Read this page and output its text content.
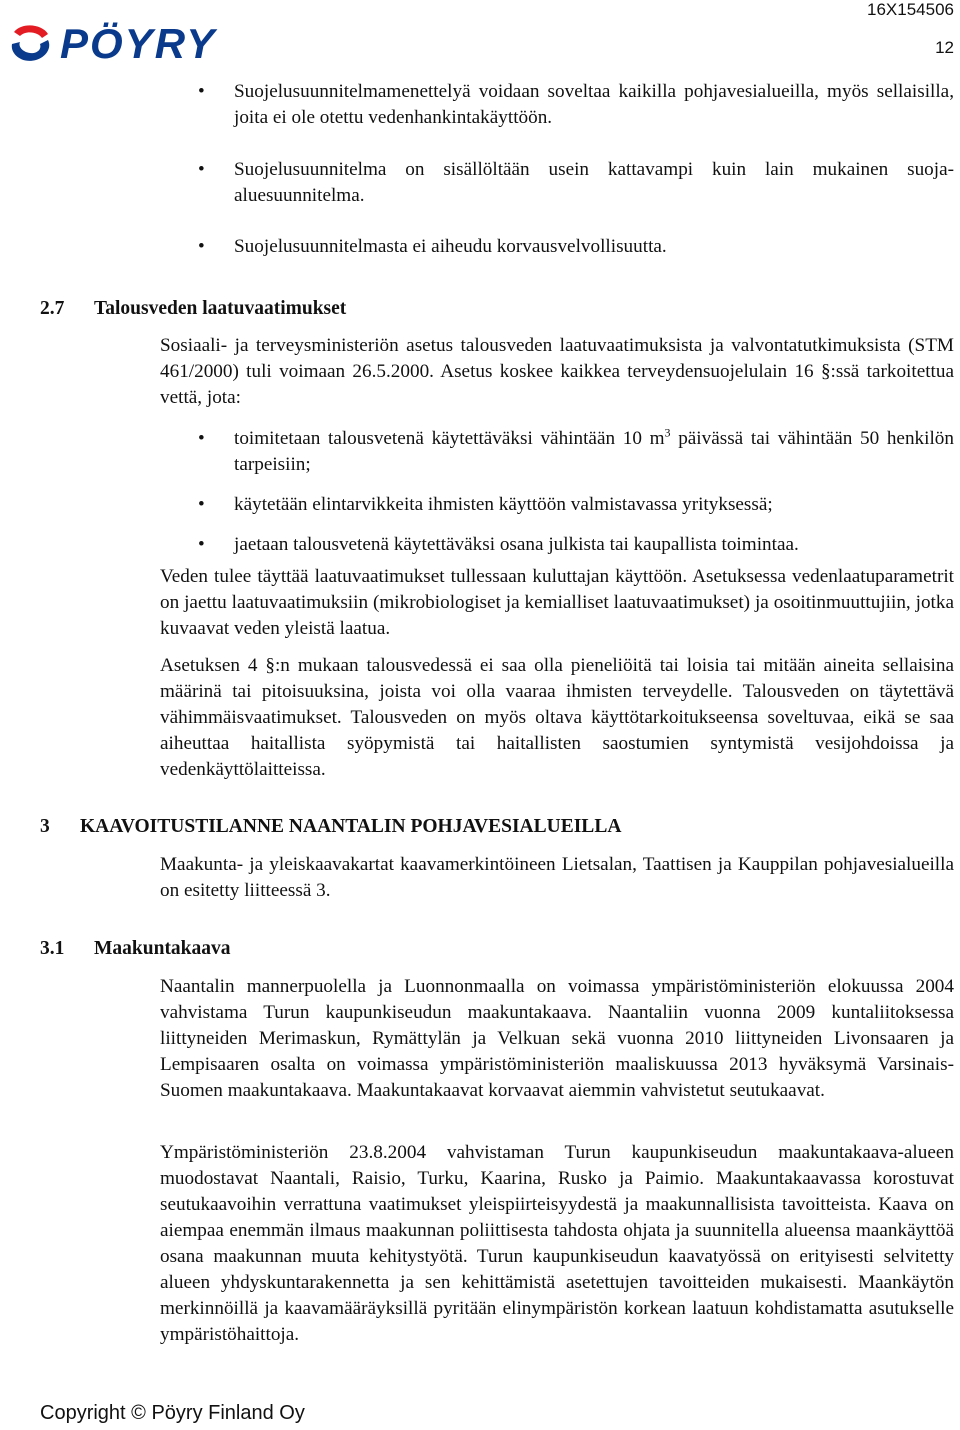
PÖYRY
16X154506
12
• Suojelusuunnitelmamenettelyä voidaan soveltaa kaikilla pohjavesialueilla, myös sellaisilla, joita ei ole otettu vedenhankintakäyttöön.
• Suojelusuunnitelma on sisällöltään usein kattavampi kuin lain mukainen suoja-aluesuunnitelma.
• Suojelusuunnitelmasta ei aiheudu korvausvelvollisuutta.
2.7 Talousveden laatuvaatimukset

Sosiaali- ja terveysministeriön asetus talousveden laatuvaatimuksista ja valvontatutkimuksista (STM 461/2000) tuli voimaan 26.5.2000. Asetus koskee kaikkea terveydensuojelulain 16 §:ssä tarkoitettua vettä, jota:

• toimitetaan talousvetenä käytettäväksi vähintään 10 $m^3$ päivässä tai vähintään 50 henkilön tarpeisiin;
• käytetään elintarvikkeita ihmisten käyttöön valmistavassa yrityksessä;
• jaetaan talousvetenä käytettäväksi osana julkista tai kaupallista toimintaa.

Veden tulee täyttää laatuvaatimukset tullessaan kuluttajan käyttöön. Asetuksessa vedenlaatuparametrit on jaettu laatuvaatimuksiin (mikrobiologiset ja kemialliset laatuvaatimukset) ja osoitinmuuttujiin, jotka kuvaavat veden yleistä laatua.

Asetuksen 4 §:n mukaan talousvedessä ei saa olla pieneliöitä tai loisia tai mitään aineita sellaisina määrinä tai pitoisuuksina, joista voi olla vaaraa ihmisten terveydelle. Talousveden on täytettävä vähimmäisvaatimukset. Talousveden on myös oltava käyttötarkoitukseensa soveltuvaa, eikä se saa aiheuttaa haitallista syöpymistä tai haitallisten saostumien syntymistä vesijohdoissa ja vedenkäyttölaitteissa.

3 KAAVOITUSTILANNE NAANTALIN POHJAVESIALUEILLA

Maakunta- ja yleiskaavakartat kaavamerkintöineen Lietsalan, Taattisen ja Kauppilan pohjavesialueilla on esitetty liitteessä 3.

3.1 Maakuntakaava

Naantalin mannerpuolella ja Luonnonmaalla on voimassa ympäristöministeriön elokuussa 2004 vahvistama Turun kaupunkiseudun maakuntakaava. Naantaliin vuonna 2009 kuntaliitoksessa liittyneiden Merimaskun, Rymättylän ja Velkuan sekä vuonna 2010 liittyneiden Livonsaaren ja Lempisaaren osalta on voimassa ympäristöministeriön maaliskuussa 2013 hyväksymä Varsinais-Suomen maakuntakaava. Maakuntakaavat korvaavat aiemmin vahvistetut seutukaavat.

Ympäristöministeriön 23.8.2004 vahvistaman Turun kaupunkiseudun maakuntakaava-alueen muodostavat Naantali, Raisio, Turku, Kaarina, Rusko ja Paimio. Maakuntakaavassa korostuvat seutukaavoihin verrattuna vaatimukset yleispiirteisyydestä ja maakunnallisista tavoitteista. Kaava on aiempaa enemmän ilmaus maakunnan poliittisesta tahdosta ohjata ja suunnitella alueensa maankäyttöä osana maakunnan muuta kehitystyötä. Turun kaupunkiseudun kaavatyössä on erityisesti selvitetty alueen yhdyskuntarakennetta ja sen kehittämistä asetettujen tavoitteiden mukaisesti. Maankäytön merkinnöillä ja kaavamääräyksillä pyritään elinympäristön korkean laatuun kohdistamatta asutukselle ympäristöhaittoja.

Copyright © Pöyry Finland Oy
